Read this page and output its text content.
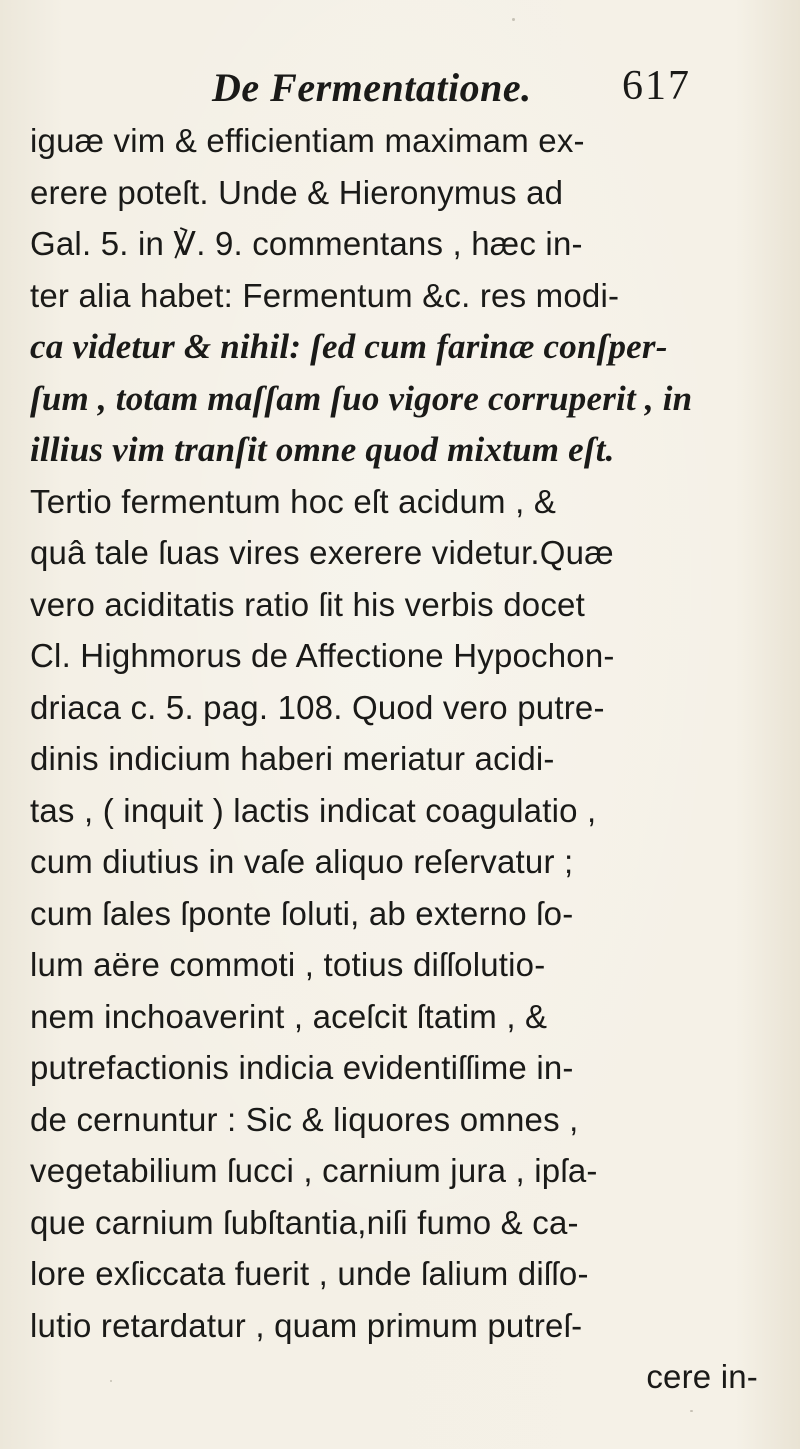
De Fermentatione. 617
iguæ vim & efficientiam maximam ex-
erere poteſt. Unde & Hieronymus ad
Gal. 5. in ℣. 9. commentans , hæc in-
ter alia habet: Fermentum &c. res modi-
ca videtur & nihil: ſed cum farinæ conſper-
ſum , totam maſſam ſuo vigore corruperit , in
illius vim tranſit omne quod mixtum eſt.
Tertio fermentum hoc eſt acidum , &
quâ tale ſuas vires exerere videtur.Quæ
vero aciditatis ratio ſit his verbis docet
Cl. Highmorus de Affectione Hypochon-
driaca c. 5. pag. 108. Quod vero putre-
dinis indicium haberi meriatur acidi-
tas , ( inquit ) lactis indicat coagulatio ,
cum diutius in vaſe aliquo reſervatur ;
cum ſales ſponte ſoluti, ab externo ſo-
lum aëre commoti , totius diſſolutio-
nem inchoaverint , aceſcit ſtatim , &
putrefactionis indicia evidentiſſime in-
de cernuntur : Sic & liquores omnes ,
vegetabilium ſucci , carnium jura , ipſa-
que carnium ſubſtantia,niſi fumo & ca-
lore exſiccata fuerit , unde ſalium diſſo-
lutio retardatur , quam primum putreſ-
cere in-
